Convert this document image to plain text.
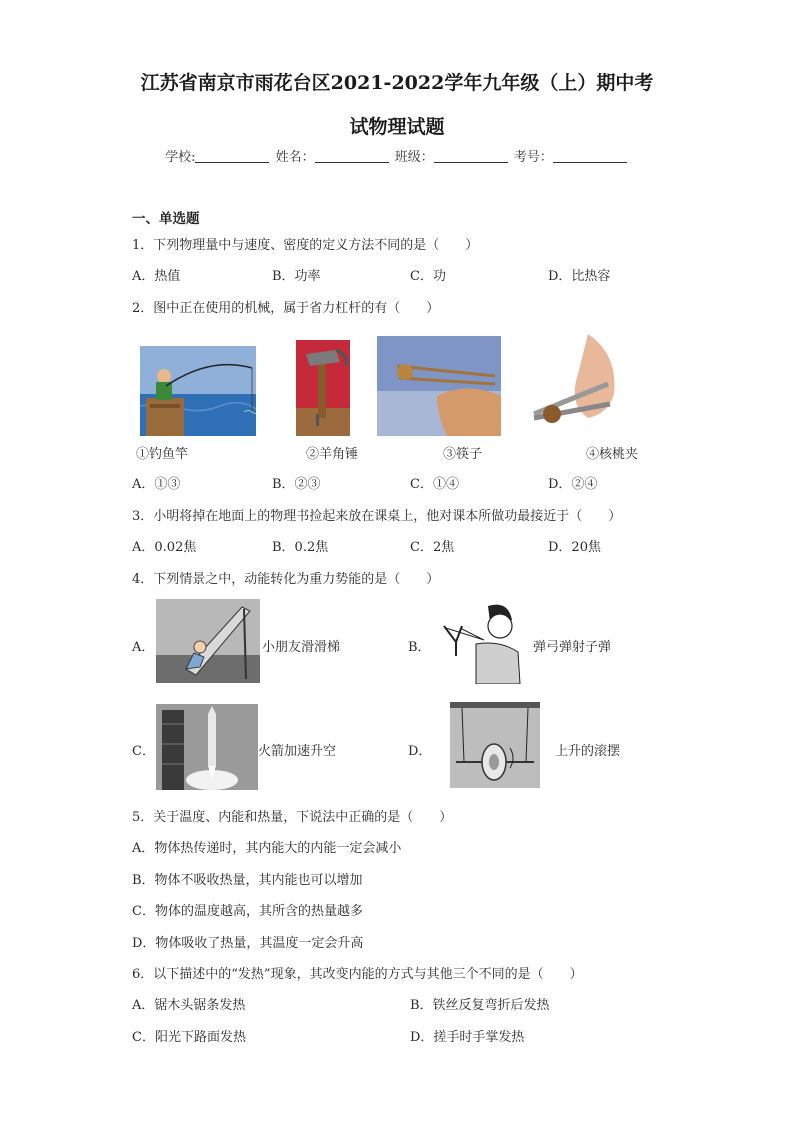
江苏省南京市雨花台区2021-2022学年九年级（上）期中考
试物理试题
学校:	姓名：	班级：	考号：
一、单选题
1．下列物理量中与速度、密度的定义方法不同的是（　　）
A．热值	B．功率	C．功	D．比热容
2．图中正在使用的机械，属于省力杠杆的有（　　）
①钓鱼竿	②羊角锤	③筷子	④核桃夹
A．①③	B．②③	C．①④	D．②④
3．小明将掉在地面上的物理书捡起来放在课桌上，他对课本所做功最接近于（　　）
A．0.02焦	B．0.2焦	C．2焦	D．20焦
4．下列情景之中，动能转化为重力势能的是（　　）
A．	小朋友滑滑梯	B．	弹弓弹射子弹
C．	火箭加速升空	D．	上升的滚摆
5．关于温度、内能和热量，下说法中正确的是（　　）
A．物体热传递时，其内能大的内能一定会减小
B．物体不吸收热量，其内能也可以增加
C．物体的温度越高，其所含的热量越多
D．物体吸收了热量，其温度一定会升高
6．以下描述中的“发热”现象，其改变内能的方式与其他三个不同的是（　　）
A．锯木头锯条发热	B．铁丝反复弯折后发热
C．阳光下路面发热	D．搓手时手掌发热
